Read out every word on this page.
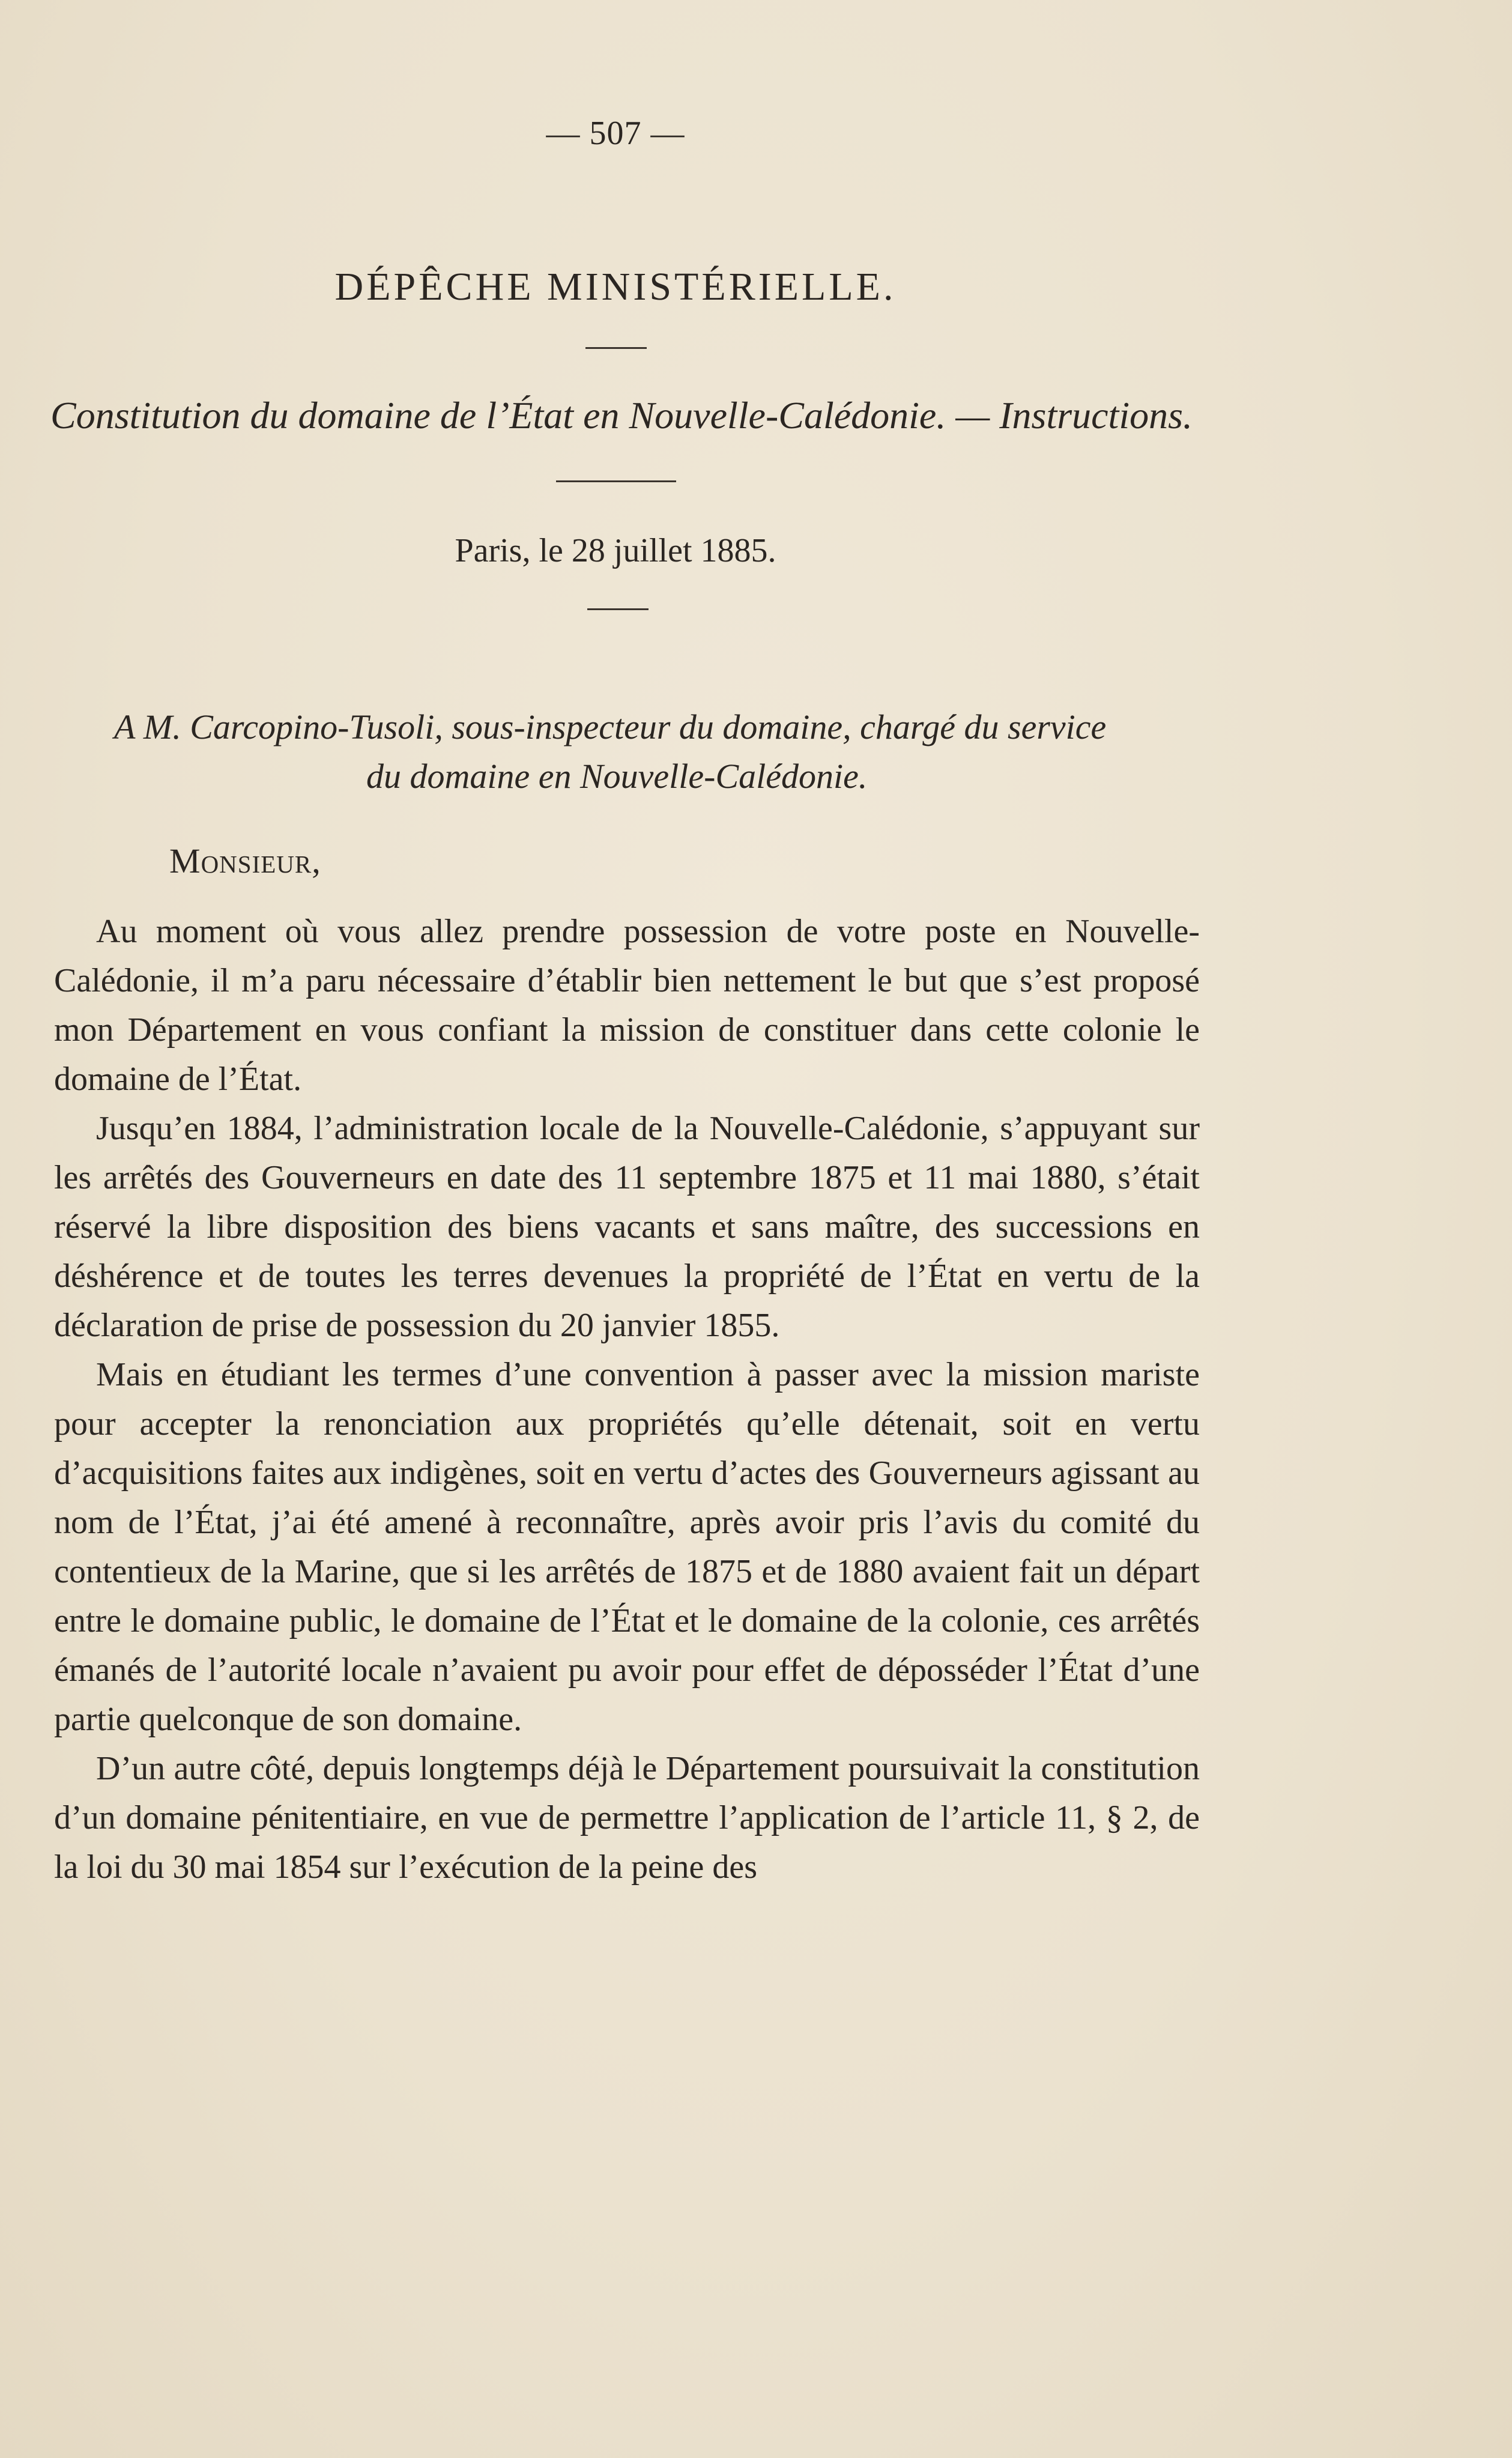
— 507 —
DÉPÊCHE MINISTÉRIELLE.
Constitution du domaine de l’État en Nouvelle-Calédonie. — Instructions.
Paris, le 28 juillet 1885.
A M. Carcopino-Tusoli, sous-inspecteur du domaine, chargé du service
du domaine en Nouvelle-Calédonie.
Monsieur,

Au moment où vous allez prendre possession de votre poste en Nouvelle-Calédonie, il m’a paru nécessaire d’établir bien nettement le but que s’est proposé mon Département en vous confiant la mission de constituer dans cette colonie le domaine de l’État.

Jusqu’en 1884, l’administration locale de la Nouvelle-Calédonie, s’appuyant sur les arrêtés des Gouverneurs en date des 11 septembre 1875 et 11 mai 1880, s’était réservé la libre disposition des biens vacants et sans maître, des successions en déshérence et de toutes les terres devenues la propriété de l’État en vertu de la déclaration de prise de possession du 20 janvier 1855.

Mais en étudiant les termes d’une convention à passer avec la mission mariste pour accepter la renonciation aux propriétés qu’elle détenait, soit en vertu d’acquisitions faites aux indigènes, soit en vertu d’actes des Gouverneurs agissant au nom de l’État, j’ai été amené à reconnaître, après avoir pris l’avis du comité du contentieux de la Marine, que si les arrêtés de 1875 et de 1880 avaient fait un départ entre le domaine public, le domaine de l’État et le domaine de la colonie, ces arrêtés émanés de l’autorité locale n’avaient pu avoir pour effet de déposséder l’État d’une partie quelconque de son domaine.

D’un autre côté, depuis longtemps déjà le Département poursuivait la constitution d’un domaine pénitentiaire, en vue de permettre l’application de l’article 11, § 2, de la loi du 30 mai 1854 sur l’exécution de la peine des
